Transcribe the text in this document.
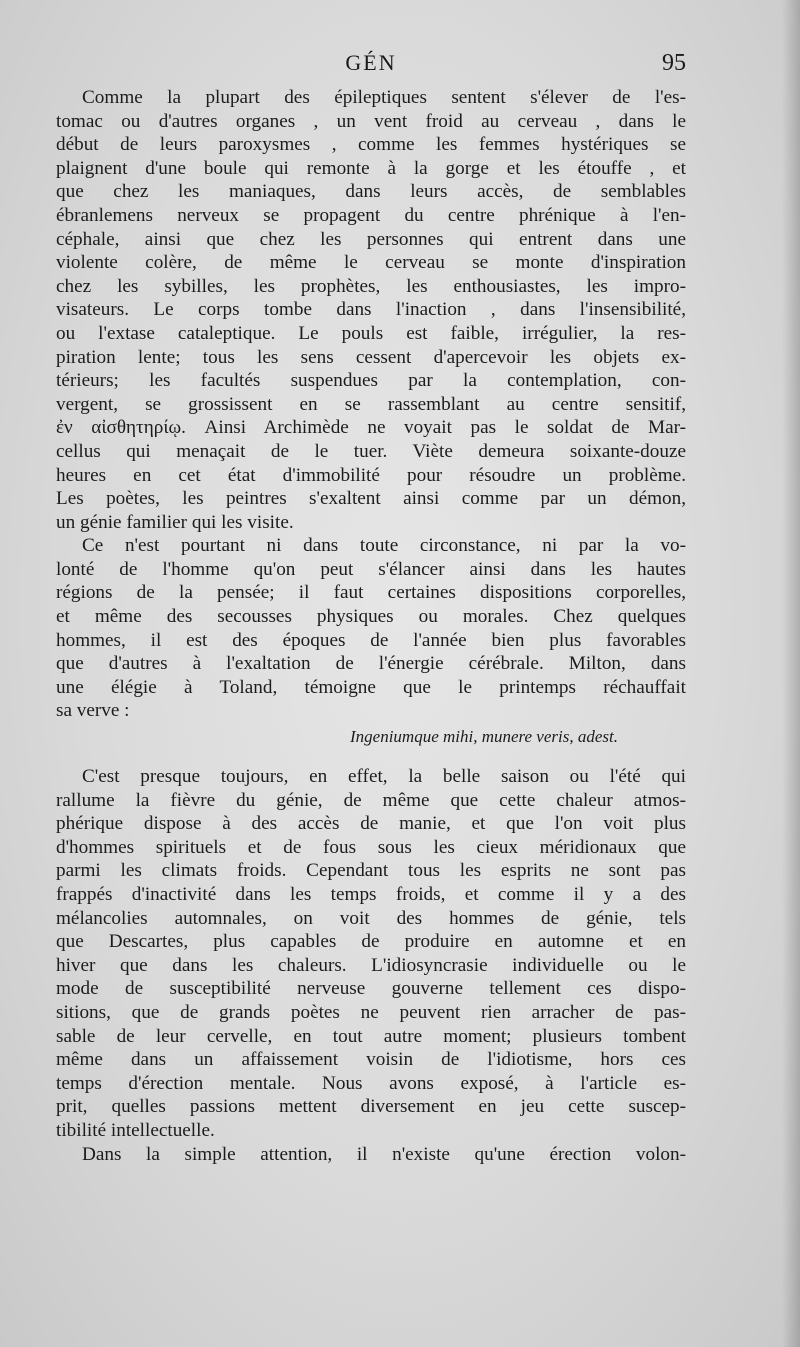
GÉN	95
Comme la plupart des épileptiques sentent s'élever de l'es-
tomac ou d'autres organes , un vent froid au cerveau , dans le
début de leurs paroxysmes , comme les femmes hystériques se
plaignent d'une boule qui remonte à la gorge et les étouffe , et
que chez les maniaques, dans leurs accès, de semblables
ébranlemens nerveux se propagent du centre phrénique à l'en-
céphale, ainsi que chez les personnes qui entrent dans une
violente colère, de même le cerveau se monte d'inspiration
chez les sybilles, les prophètes, les enthousiastes, les impro-
visateurs. Le corps tombe dans l'inaction , dans l'insensibilité,
ou l'extase cataleptique. Le pouls est faible, irrégulier, la res-
piration lente; tous les sens cessent d'apercevoir les objets ex-
térieurs; les facultés suspendues par la contemplation, con-
vergent, se grossissent en se rassemblant au centre sensitif,
ἐν αἰσθητηρίῳ. Ainsi Archimède ne voyait pas le soldat de Mar-
cellus qui menaçait de le tuer. Viète demeura soixante-douze
heures en cet état d'immobilité pour résoudre un problème.
Les poètes, les peintres s'exaltent ainsi comme par un démon,
un génie familier qui les visite.
Ce n'est pourtant ni dans toute circonstance, ni par la vo-
lonté de l'homme qu'on peut s'élancer ainsi dans les hautes
régions de la pensée; il faut certaines dispositions corporelles,
et même des secousses physiques ou morales. Chez quelques
hommes, il est des époques de l'année bien plus favorables
que d'autres à l'exaltation de l'énergie cérébrale. Milton, dans
une élégie à Toland, témoigne que le printemps réchauffait
sa verve :
Ingeniumque mihi, munere veris, adest.
C'est presque toujours, en effet, la belle saison ou l'été qui
rallume la fièvre du génie, de même que cette chaleur atmos-
phérique dispose à des accès de manie, et que l'on voit plus
d'hommes spirituels et de fous sous les cieux méridionaux que
parmi les climats froids. Cependant tous les esprits ne sont pas
frappés d'inactivité dans les temps froids, et comme il y a des
mélancolies automnales, on voit des hommes de génie, tels
que Descartes, plus capables de produire en automne et en
hiver que dans les chaleurs. L'idiosyncrasie individuelle ou le
mode de susceptibilité nerveuse gouverne tellement ces dispo-
sitions, que de grands poètes ne peuvent rien arracher de pas-
sable de leur cervelle, en tout autre moment; plusieurs tombent
même dans un affaissement voisin de l'idiotisme, hors ces
temps d'érection mentale. Nous avons exposé, à l'article es-
prit, quelles passions mettent diversement en jeu cette suscep-
tibilité intellectuelle.
Dans la simple attention, il n'existe qu'une érection volon-
